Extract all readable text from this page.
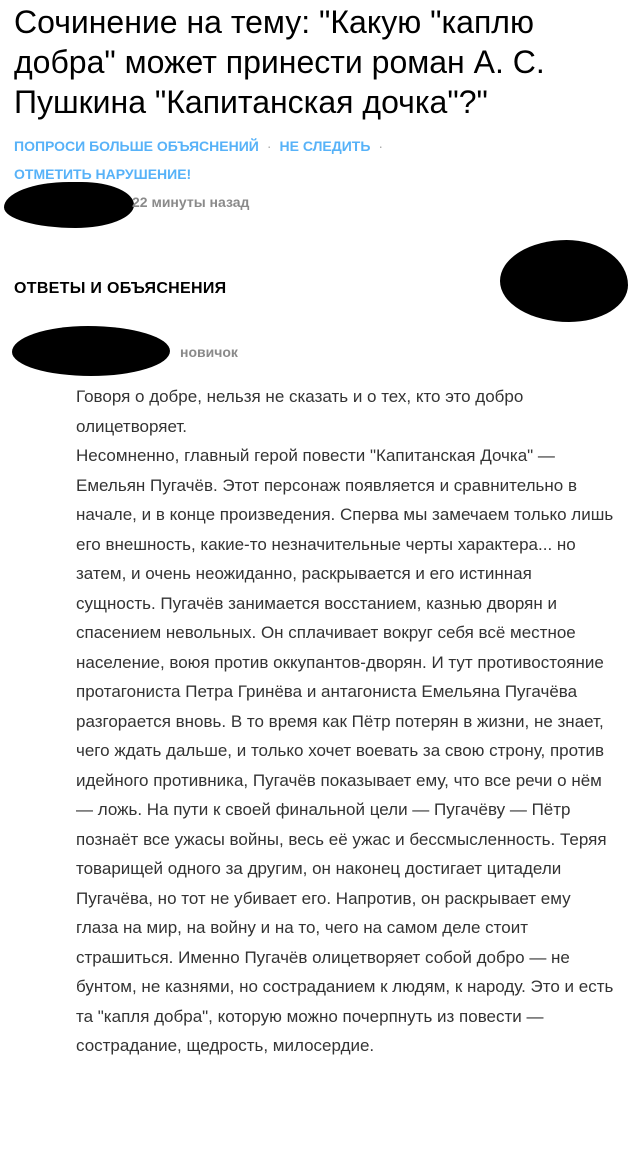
Сочинение на тему: "Какую "каплю добра" может принести роман А. С. Пушкина "Капитанская дочка"?"
ПОПРОСИ БОЛЬШЕ ОБЪЯСНЕНИЙ · НЕ СЛЕДИТЬ ·
ОТМЕТИТЬ НАРУШЕНИЕ!
22 минуты назад
ОТВЕТЫ И ОБЪЯСНЕНИЯ
новичок

Говоря о добре, нельзя не сказать и о тех, кто это добро олицетворяет.

Несомненно, главный герой повести "Капитанская Дочка" — Емельян Пугачёв. Этот персонаж появляется и сравнительно в начале, и в конце произведения. Сперва мы замечаем только лишь его внешность, какие-то незначительные черты характера... но затем, и очень неожиданно, раскрывается и его истинная сущность. Пугачёв занимается восстанием, казнью дворян и спасением невольных. Он сплачивает вокруг себя всё местное население, воюя против оккупантов-дворян. И тут противостояние протагониста Петра Гринёва и антагониста Емельяна Пугачёва разгорается вновь. В то время как Пётр потерян в жизни, не знает, чего ждать дальше, и только хочет воевать за свою строну, против идейного противника, Пугачёв показывает ему, что все речи о нём — ложь. На пути к своей финальной цели — Пугачёву — Пётр познаёт все ужасы войны, весь её ужас и бессмысленность. Теряя товарищей одного за другим, он наконец достигает цитадели Пугачёва, но тот не убивает его. Напротив, он раскрывает ему глаза на мир, на войну и на то, чего на самом деле стоит страшиться. Именно Пугачёв олицетворяет собой добро — не бунтом, не казнями, но состраданием к людям, к народу. Это и есть та "капля добра", которую можно почерпнуть из повести — сострадание, щедрость, милосердие.
